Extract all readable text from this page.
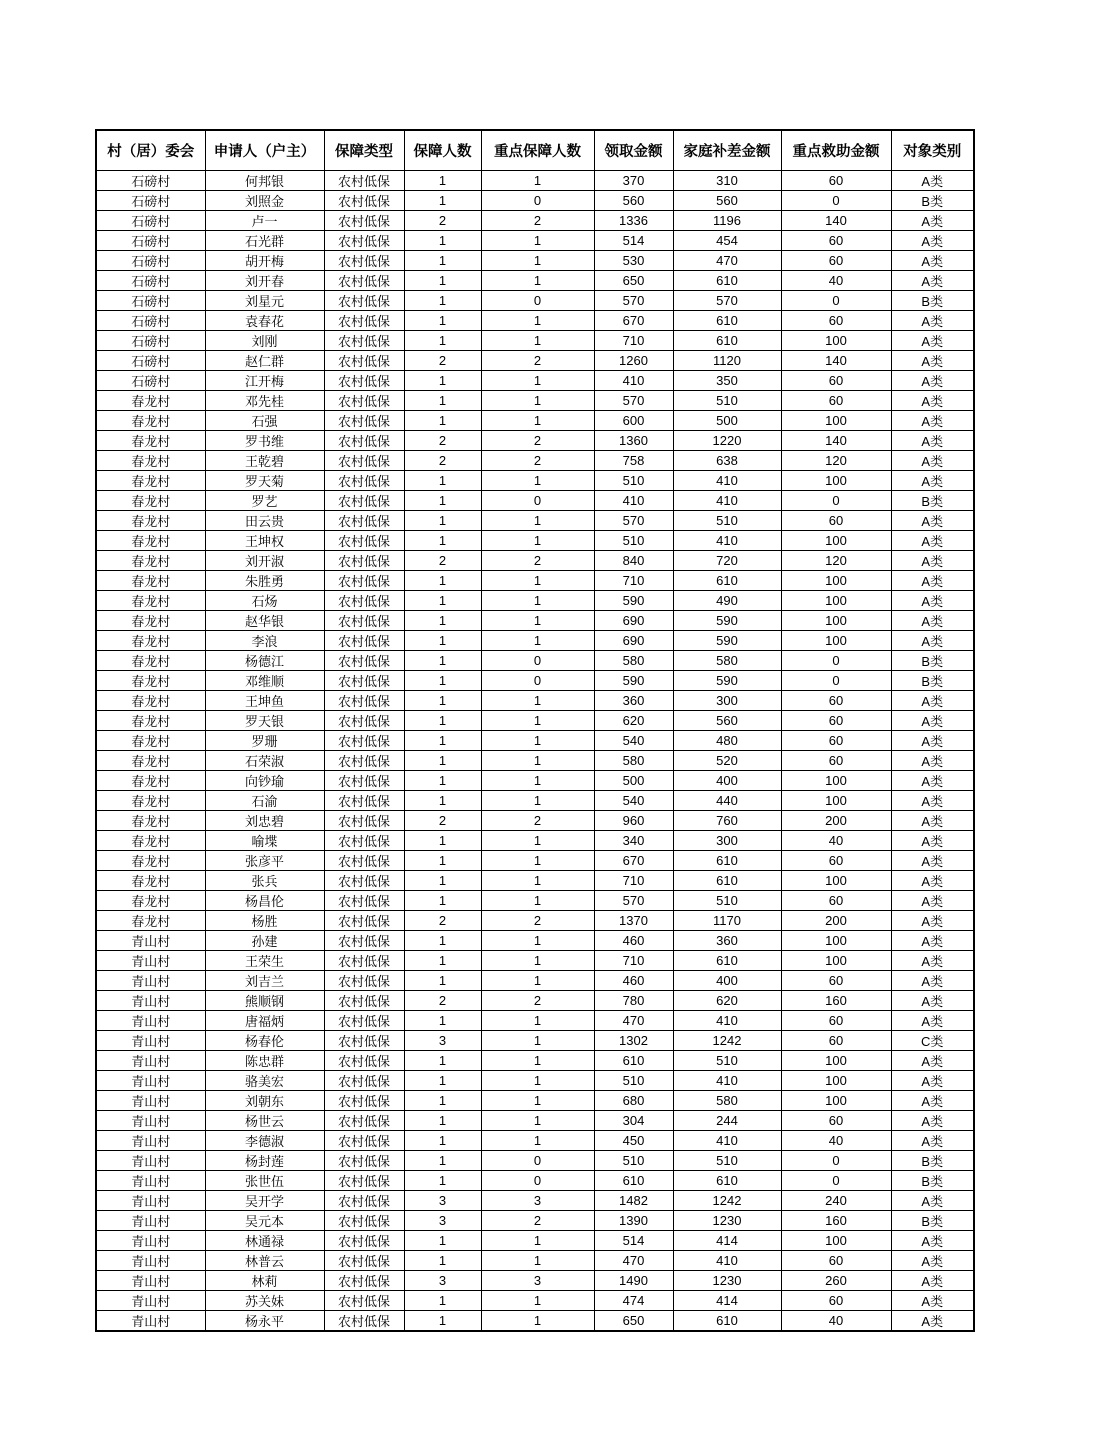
村（居）委会	申请人（户主）	保障类型	保障人数	重点保障人数	领取金额	家庭补差金额	重点救助金额	对象类别
石磅村	何邦银	农村低保	1	1	370	310	60	A类
石磅村	刘照金	农村低保	1	0	560	560	0	B类
石磅村	卢一	农村低保	2	2	1336	1196	140	A类
石磅村	石光群	农村低保	1	1	514	454	60	A类
石磅村	胡开梅	农村低保	1	1	530	470	60	A类
石磅村	刘开春	农村低保	1	1	650	610	40	A类
石磅村	刘星元	农村低保	1	0	570	570	0	B类
石磅村	袁春花	农村低保	1	1	670	610	60	A类
石磅村	刘刚	农村低保	1	1	710	610	100	A类
石磅村	赵仁群	农村低保	2	2	1260	1120	140	A类
石磅村	江开梅	农村低保	1	1	410	350	60	A类
春龙村	邓先桂	农村低保	1	1	570	510	60	A类
春龙村	石强	农村低保	1	1	600	500	100	A类
春龙村	罗书维	农村低保	2	2	1360	1220	140	A类
春龙村	王乾碧	农村低保	2	2	758	638	120	A类
春龙村	罗天菊	农村低保	1	1	510	410	100	A类
春龙村	罗艺	农村低保	1	0	410	410	0	B类
春龙村	田云贵	农村低保	1	1	570	510	60	A类
春龙村	王坤权	农村低保	1	1	510	410	100	A类
春龙村	刘开淑	农村低保	2	2	840	720	120	A类
春龙村	朱胜勇	农村低保	1	1	710	610	100	A类
春龙村	石炀	农村低保	1	1	590	490	100	A类
春龙村	赵华银	农村低保	1	1	690	590	100	A类
春龙村	李浪	农村低保	1	1	690	590	100	A类
春龙村	杨德江	农村低保	1	0	580	580	0	B类
春龙村	邓维顺	农村低保	1	0	590	590	0	B类
春龙村	王坤鱼	农村低保	1	1	360	300	60	A类
春龙村	罗天银	农村低保	1	1	620	560	60	A类
春龙村	罗珊	农村低保	1	1	540	480	60	A类
春龙村	石荣淑	农村低保	1	1	580	520	60	A类
春龙村	向钞瑜	农村低保	1	1	500	400	100	A类
春龙村	石渝	农村低保	1	1	540	440	100	A类
春龙村	刘忠碧	农村低保	2	2	960	760	200	A类
春龙村	喻堞	农村低保	1	1	340	300	40	A类
春龙村	张彦平	农村低保	1	1	670	610	60	A类
春龙村	张兵	农村低保	1	1	710	610	100	A类
春龙村	杨昌伦	农村低保	1	1	570	510	60	A类
春龙村	杨胜	农村低保	2	2	1370	1170	200	A类
青山村	孙建	农村低保	1	1	460	360	100	A类
青山村	王荣生	农村低保	1	1	710	610	100	A类
青山村	刘吉兰	农村低保	1	1	460	400	60	A类
青山村	熊顺钢	农村低保	2	2	780	620	160	A类
青山村	唐福炳	农村低保	1	1	470	410	60	A类
青山村	杨春伦	农村低保	3	1	1302	1242	60	C类
青山村	陈忠群	农村低保	1	1	610	510	100	A类
青山村	骆美宏	农村低保	1	1	510	410	100	A类
青山村	刘朝东	农村低保	1	1	680	580	100	A类
青山村	杨世云	农村低保	1	1	304	244	60	A类
青山村	李德淑	农村低保	1	1	450	410	40	A类
青山村	杨封莲	农村低保	1	0	510	510	0	B类
青山村	张世伍	农村低保	1	0	610	610	0	B类
青山村	吴开学	农村低保	3	3	1482	1242	240	A类
青山村	吴元本	农村低保	3	2	1390	1230	160	B类
青山村	林通禄	农村低保	1	1	514	414	100	A类
青山村	林普云	农村低保	1	1	470	410	60	A类
青山村	林莉	农村低保	3	3	1490	1230	260	A类
青山村	苏关妹	农村低保	1	1	474	414	60	A类
青山村	杨永平	农村低保	1	1	650	610	40	A类
